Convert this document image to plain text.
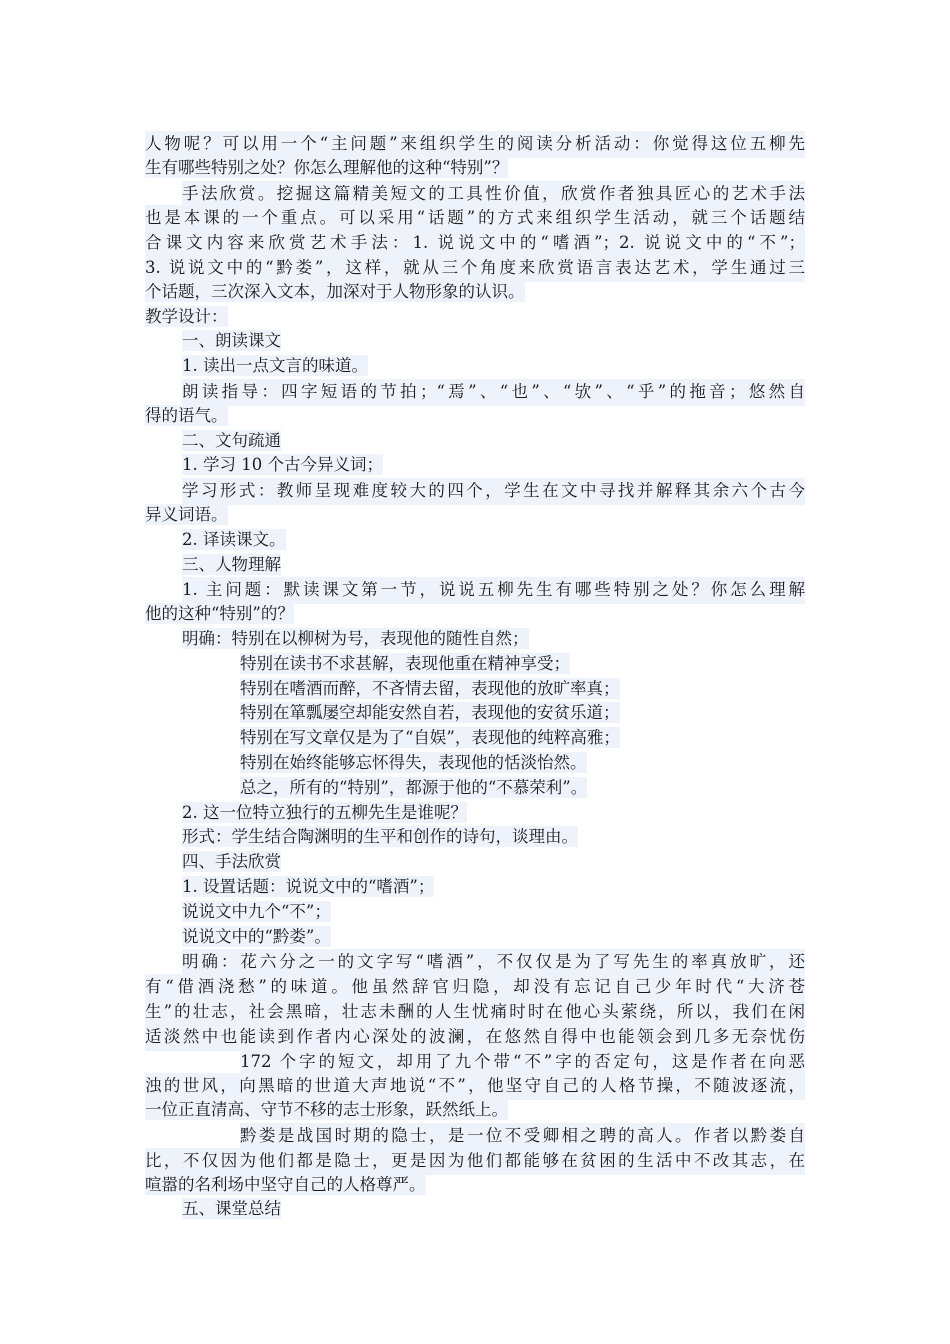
人物呢？可以用一个“主问题”来组织学生的阅读分析活动：你觉得这位五柳先
生有哪些特别之处？你怎么理解他的这种“特别”？
手法欣赏。挖掘这篇精美短文的工具性价值，欣赏作者独具匠心的艺术手法
也是本课的一个重点。可以采用“话题”的方式来组织学生活动，就三个话题结
合课文内容来欣赏艺术手法：1. 说说文中的“嗜酒”；2. 说说文中的“不”；
3. 说说文中的“黔娄”，这样，就从三个角度来欣赏语言表达艺术，学生通过三
个话题，三次深入文本，加深对于人物形象的认识。
教学设计：
一、朗读课文
1. 读出一点文言的味道。
朗读指导：四字短语的节拍；“焉”、“也”、“欤”、“乎”的拖音；悠然自
得的语气。
二、文句疏通
1. 学习 10 个古今异义词；
学习形式：教师呈现难度较大的四个，学生在文中寻找并解释其余六个古今
异义词语。
2. 译读课文。
三、人物理解
1. 主问题：默读课文第一节，说说五柳先生有哪些特别之处？你怎么理解
他的这种“特别”的？
明确：特别在以柳树为号，表现他的随性自然；
特别在读书不求甚解，表现他重在精神享受；
特别在嗜酒而醉，不吝情去留，表现他的放旷率真；
特别在箪瓢屡空却能安然自若，表现他的安贫乐道；
特别在写文章仅是为了“自娱”，表现他的纯粹高雅；
特别在始终能够忘怀得失，表现他的恬淡怡然。
总之，所有的“特别”，都源于他的“不慕荣利”。
2. 这一位特立独行的五柳先生是谁呢？
形式：学生结合陶渊明的生平和创作的诗句，谈理由。
四、手法欣赏
1. 设置话题：说说文中的“嗜酒”；
说说文中九个“不”；
说说文中的“黔娄”。
明确：花六分之一的文字写“嗜酒”，不仅仅是为了写先生的率真放旷，还
有“借酒浇愁”的味道。他虽然辞官归隐，却没有忘记自己少年时代“大济苍
生”的壮志，社会黑暗，壮志未酬的人生忧痛时时在他心头萦绕，所以，我们在闲
适淡然中也能读到作者内心深处的波澜，在悠然自得中也能领会到几多无奈忧伤
172 个字的短文，却用了九个带“不”字的否定句，这是作者在向恶
浊的世风，向黑暗的世道大声地说“不”，他坚守自己的人格节操，不随波逐流，
一位正直清高、守节不移的志士形象，跃然纸上。
黔娄是战国时期的隐士，是一位不受卿相之聘的高人。作者以黔娄自
比，不仅因为他们都是隐士，更是因为他们都能够在贫困的生活中不改其志，在
喧嚣的名利场中坚守自己的人格尊严。
五、课堂总结
